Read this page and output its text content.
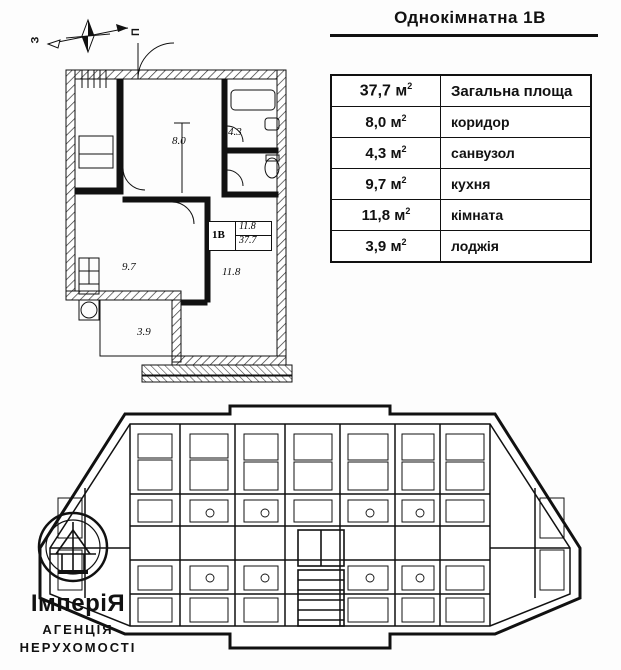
Однокімнатна 1В
З
П
8.0
4.3
9.7	11.8
3.9
1В
11.8
37.7
37,7 $м^2$	Загальна площа
8,0 $м^2$	коридор
4,3 $м^2$	санвузол
9,7 $м^2$	кухня
11,8 $м^2$	кімната
3,9 $м^2$	лоджія
ІмперіЯ
АГЕНЦІЯ
НЕРУХОМОСТІ
